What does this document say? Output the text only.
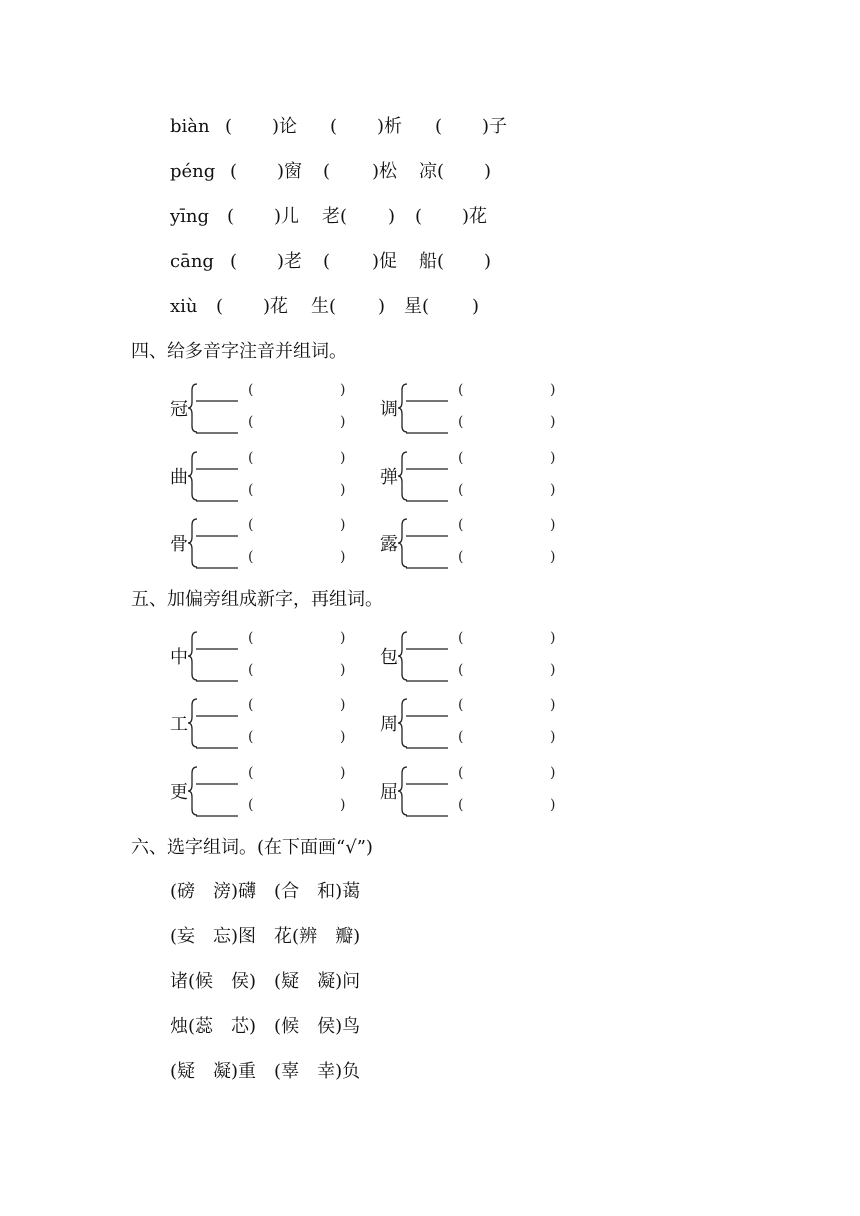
biàn ( )论 ( )析 ( )子
péng ( )窗 ( )松 凉( )
yīng ( )儿 老( ) ( )花
cāng ( )老 ( )促 船( )
xiù ( )花 生( ) 星( )
四、给多音字注音并组词。
五、加偏旁组成新字，再组词。
六、选字组词。(在下面画“√”)
(磅　滂)礴　(合　和)蔼
(妄　忘)图　花(辨　瓣)
诸(候　侯)　(疑　凝)问
烛(蕊　芯)　(候　侯)鸟
(疑　凝)重　(辜　幸)负
冠
(	)
(	)
调
(	)
(	)
曲
(	)
(	)
弹
(	)
(	)
骨
(	)
(	)
露
(	)
(	)
中
(	)
(	)
包
(	)
(	)
工
(	)
(	)
周
(	)
(	)
更
(	)
(	)
屈
(	)
(	)
